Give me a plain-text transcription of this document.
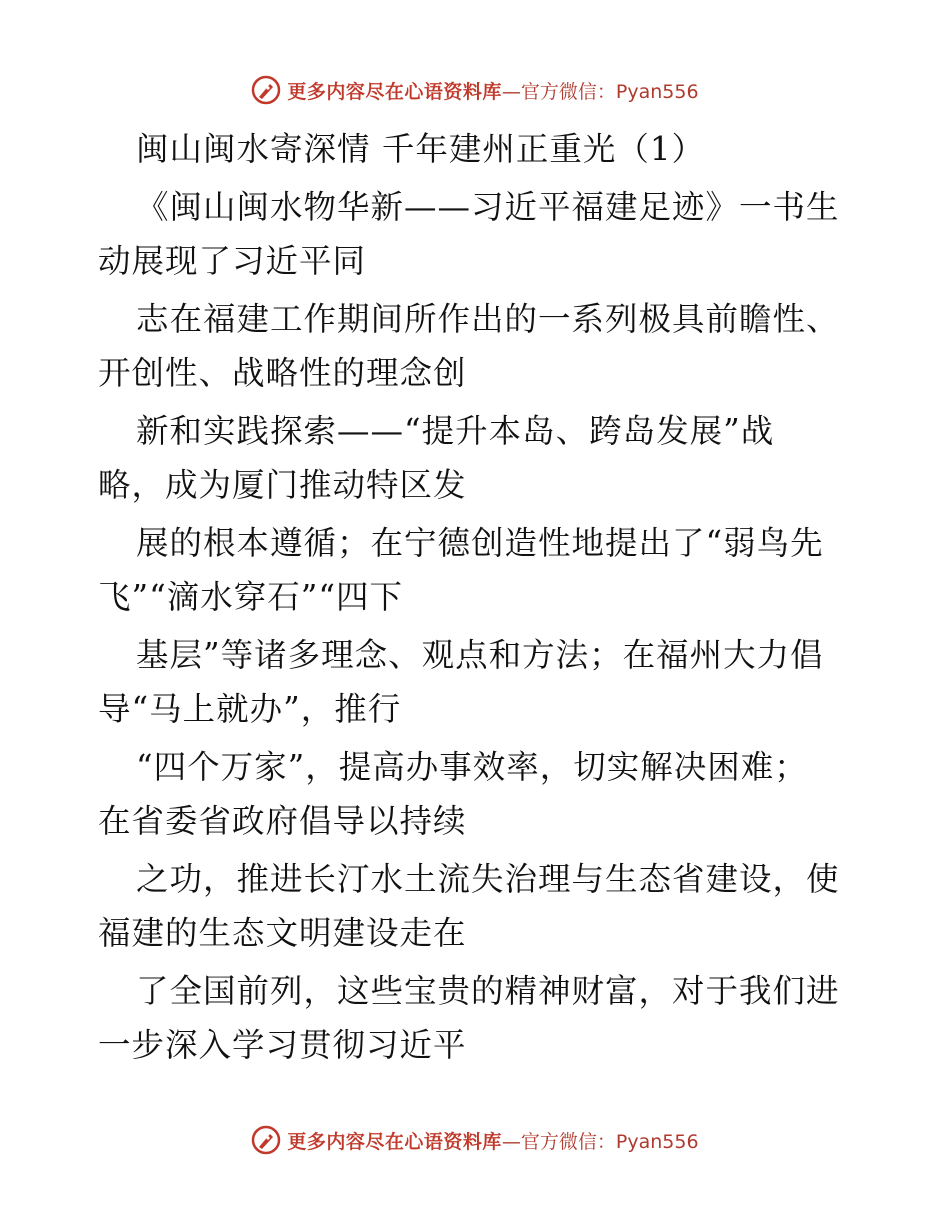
更多内容尽在心语资料库 —官方微信：Pyan556
闽山闽水寄深情 千年建州正重光（1）
《闽山闽水物华新——习近平福建足迹》一书生
动展现了习近平同
志在福建工作期间所作出的一系列极具前瞻性、
开创性、战略性的理念创
新和实践探索——“提升本岛、跨岛发展”战
略，成为厦门推动特区发
展的根本遵循；在宁德创造性地提出了“弱鸟先
飞”“滴水穿石”“四下
基层”等诸多理念、观点和方法；在福州大力倡
导“马上就办”，推行
“四个万家”，提高办事效率，切实解决困难；
在省委省政府倡导以持续
之功，推进长汀水土流失治理与生态省建设，使
福建的生态文明建设走在
了全国前列，这些宝贵的精神财富，对于我们进
一步深入学习贯彻习近平
更多内容尽在心语资料库 —官方微信：Pyan556
